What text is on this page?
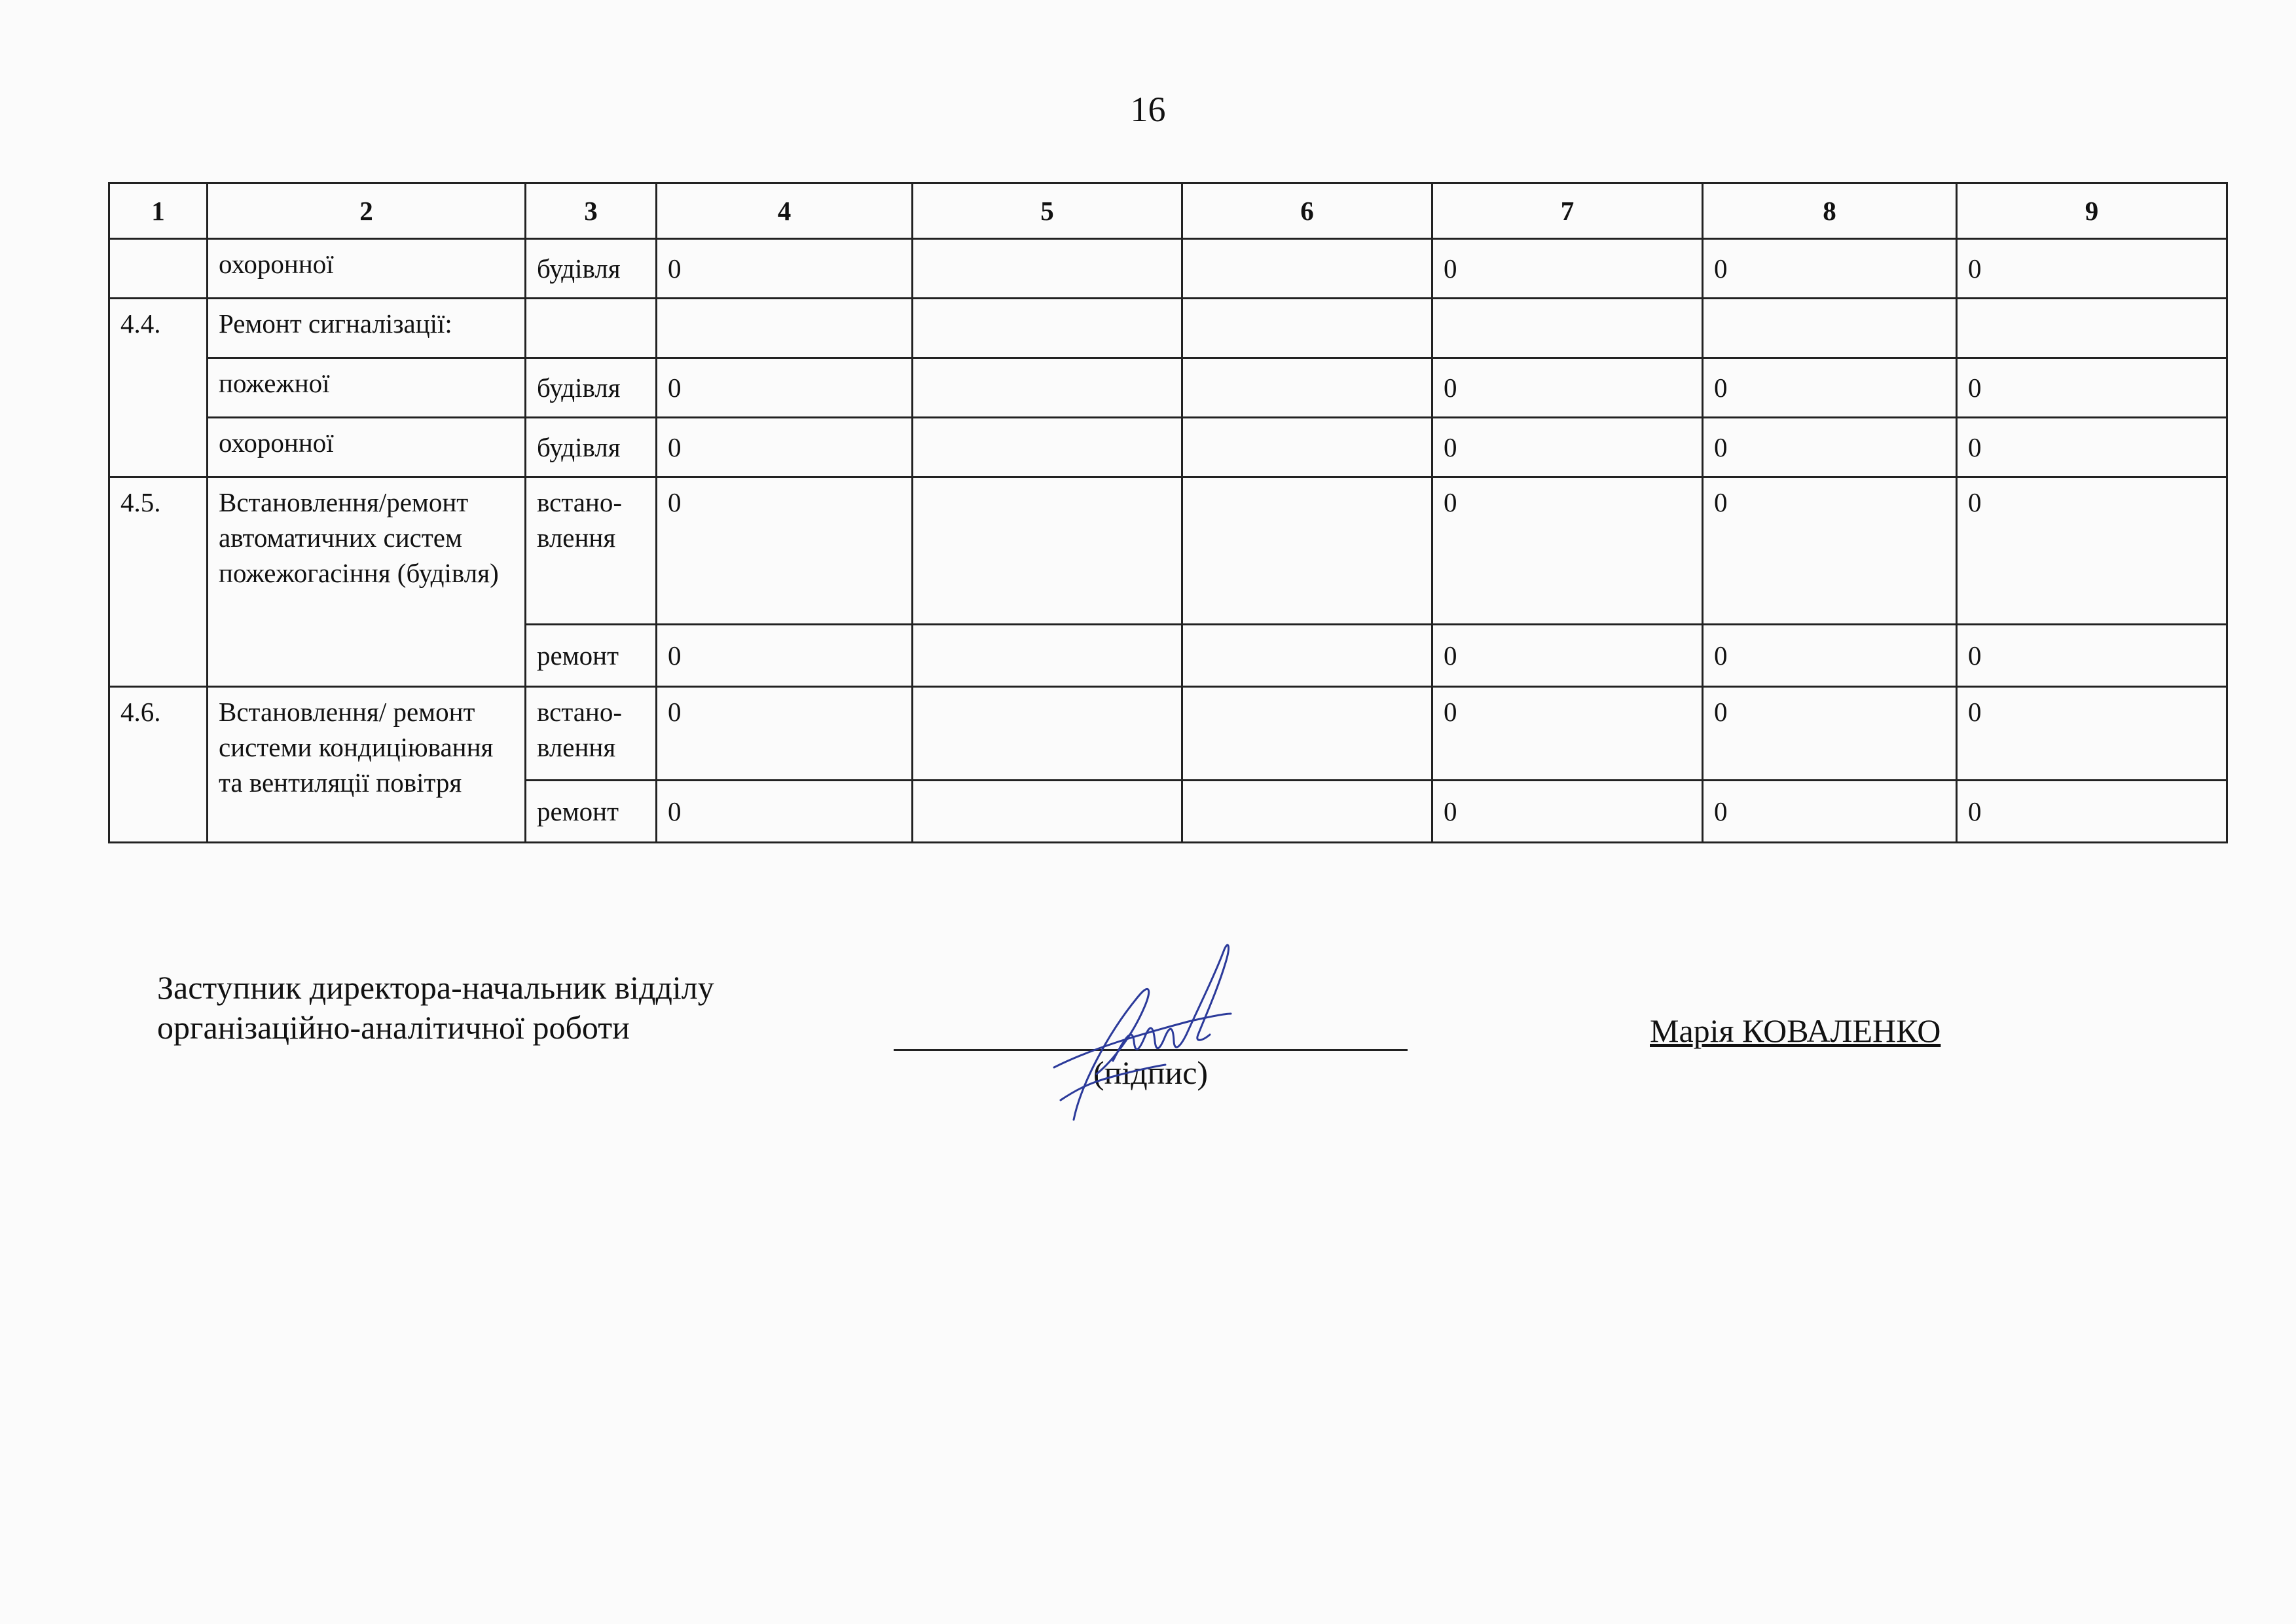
16
1	2	3	4	5	6	7	8	9
	охоронної	будівля	0			0	0	0
4.4.	Ремонт сигналізації:							
	пожежної	будівля	0			0	0	0
	охоронної	будівля	0			0	0	0
4.5.	Встановлення/ремонт автоматичних систем пожежогасіння (будівля)	встано-влення	0			0	0	0
		ремонт	0			0	0	0
4.6.	Встановлення/ ремонт системи кондиціювання та вентиляції повітря	встано-влення	0			0	0	0
		ремонт	0			0	0	0
Заступник директора-начальник відділу організаційно-аналітичної роботи
(підпис)
Марія КОВАЛЕНКО
